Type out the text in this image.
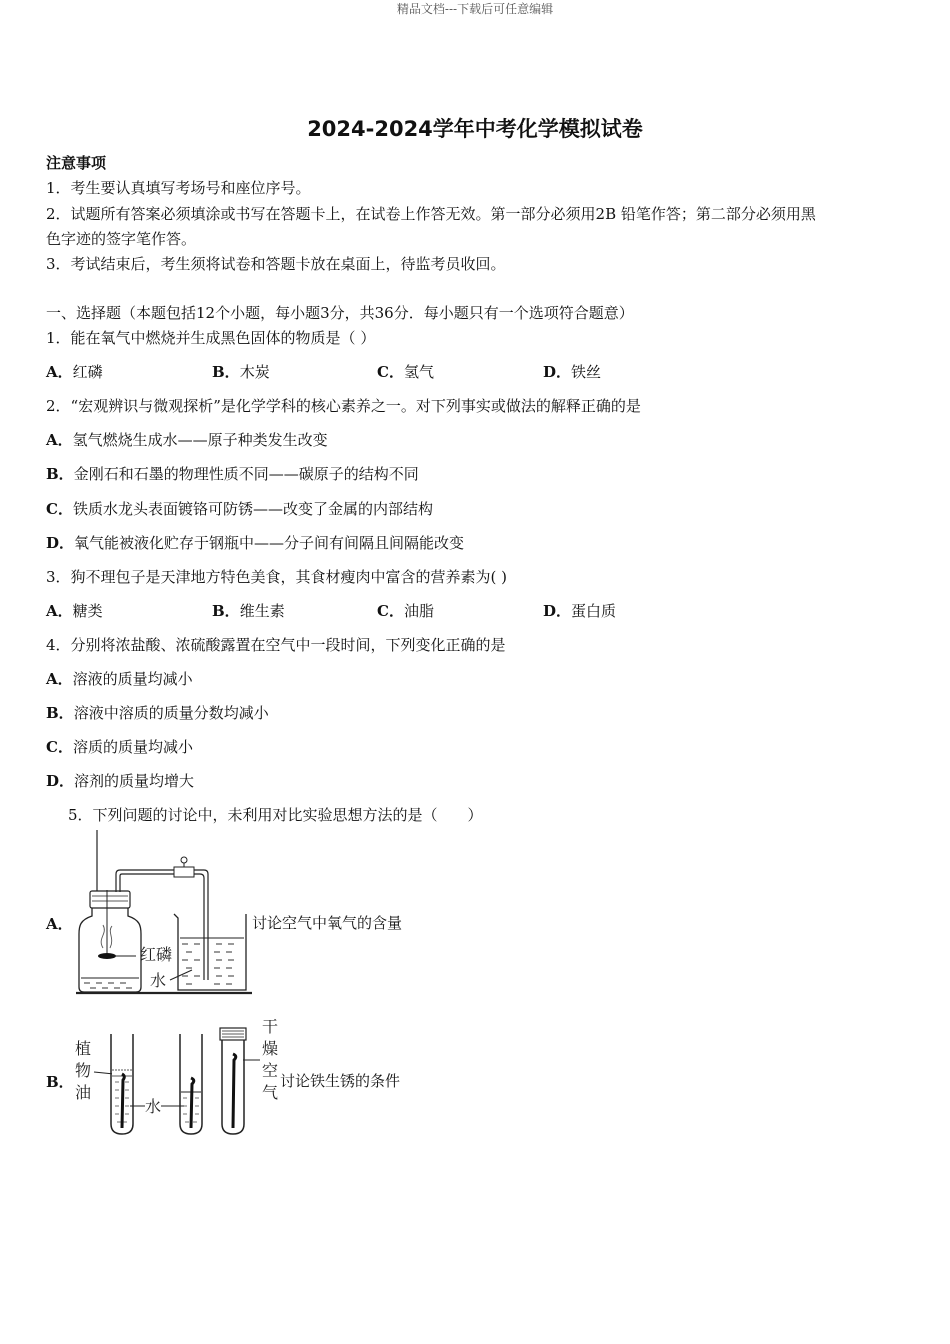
精品文档---下载后可任意编辑
2024-2024学年中考化学模拟试卷
注意事项
1．考生要认真填写考场号和座位序号。
2．试题所有答案必须填涂或书写在答题卡上，在试卷上作答无效。第一部分必须用2B 铅笔作答；第二部分必须用黑
色字迹的签字笔作答。
3．考试结束后，考生须将试卷和答题卡放在桌面上，待监考员收回。
一、选择题（本题包括12个小题，每小题3分，共36分．每小题只有一个选项符合题意）
1．能在氧气中燃烧并生成黑色固体的物质是（ ）
A．红磷	B．木炭	C．氢气	D．铁丝
2．“宏观辨识与微观探析”是化学学科的核心素养之一。对下列事实或做法的解释正确的是
A．氢气燃烧生成水——原子种类发生改变
B．金刚石和石墨的物理性质不同——碳原子的结构不同
C．铁质水龙头表面镀铬可防锈——改变了金属的内部结构
D．氧气能被液化贮存于钢瓶中——分子间有间隔且间隔能改变
3．狗不理包子是天津地方特色美食，其食材瘦肉中富含的营养素为( )
A．糖类	B．维生素	C．油脂	D．蛋白质
4．分别将浓盐酸、浓硫酸露置在空气中一段时间，下列变化正确的是
A．溶液的质量均减小
B．溶液中溶质的质量分数均减小
C．溶质的质量均减小
D．溶剂的质量均增大
5．下列问题的讨论中，未利用对比实验思想方法的是（　　）
A．
红磷
水
讨论空气中氧气的含量
B．
植
物
油
水
干
燥
空
气
讨论铁生锈的条件
